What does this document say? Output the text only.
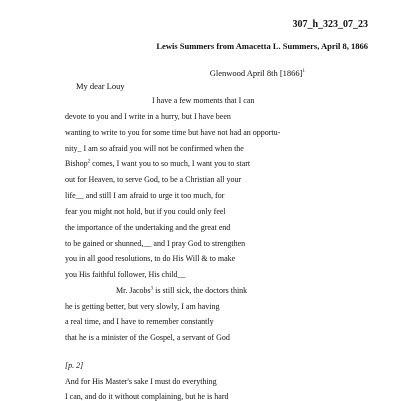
307_h_323_07_23
Lewis Summers from Amacetta L. Summers, April 8, 1866
Glenwood April 8th $[1866]^1$
My dear Louy
I have a few moments that I can
devote to you and I write in a hurry, but I have been
wanting to write to you for some time but have not had an opportu-
nity_ I am so afraid you will not be confirmed when the
Bishop$^2$ comes, I want you to so much, I want you to start
out for Heaven, to serve God, to be a Christian all your
life__ and still I am afraid to urge it too much, for
fear you might not hold, but if you could only feel
the importance of the undertaking and the great end
to be gained or shunned,__ and I pray God to strengthen
you in all good resolutions, to do His Will & to make
you His faithful follower, His child__
Mr. Jacobs$^3$ is still sick, the doctors think
he is getting better, but very slowly, I am having
a real time, and I have to remember constantly
that he is a minister of the Gospel, a servant of God
[p. 2]
And for His Master's sake I must do everything
I can, and do it without complaining, but he is hard
